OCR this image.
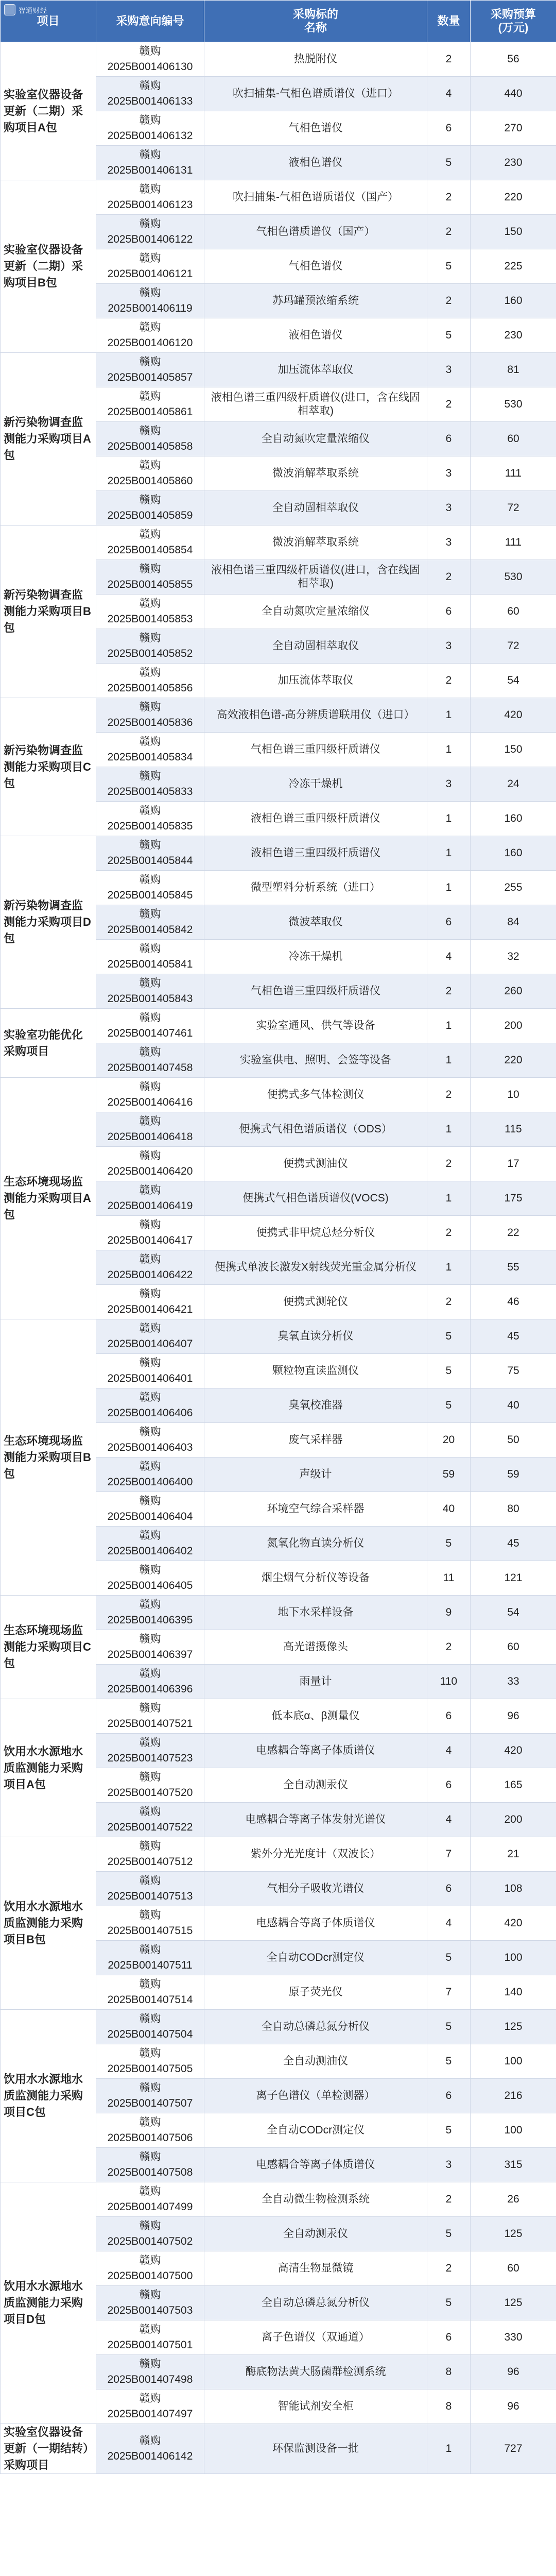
智通财经
项目	采购意向编号	采购标的
名称	数量	采购预算
(万元)
实验室仪器设备更新（二期）采购项目A包	赣购
2025B001406130	热脱附仪	2	56
	赣购
2025B001406133	吹扫捕集-气相色谱质谱仪（进口）	4	440
	赣购
2025B001406132	气相色谱仪	6	270
	赣购
2025B001406131	液相色谱仪	5	230
实验室仪器设备更新（二期）采购项目B包	赣购
2025B001406123	吹扫捕集-气相色谱质谱仪（国产）	2	220
	赣购
2025B001406122	气相色谱质谱仪（国产）	2	150
	赣购
2025B001406121	气相色谱仪	5	225
	赣购
2025B001406119	苏玛罐预浓缩系统	2	160
	赣购
2025B001406120	液相色谱仪	5	230
新污染物调查监测能力采购项目A包	赣购
2025B001405857	加压流体萃取仪	3	81
	赣购
2025B001405861	液相色谱三重四级杆质谱仪(进口，含在线固相萃取)	2	530
	赣购
2025B001405858	全自动氮吹定量浓缩仪	6	60
	赣购
2025B001405860	微波消解萃取系统	3	111
	赣购
2025B001405859	全自动固相萃取仪	3	72
新污染物调查监测能力采购项目B包	赣购
2025B001405854	微波消解萃取系统	3	111
	赣购
2025B001405855	液相色谱三重四级杆质谱仪(进口，含在线固相萃取)	2	530
	赣购
2025B001405853	全自动氮吹定量浓缩仪	6	60
	赣购
2025B001405852	全自动固相萃取仪	3	72
	赣购
2025B001405856	加压流体萃取仪	2	54
新污染物调查监测能力采购项目C包	赣购
2025B001405836	高效液相色谱-高分辨质谱联用仪（进口）	1	420
	赣购
2025B001405834	气相色谱三重四级杆质谱仪	1	150
	赣购
2025B001405833	冷冻干燥机	3	24
	赣购
2025B001405835	液相色谱三重四级杆质谱仪	1	160
新污染物调查监测能力采购项目D包	赣购
2025B001405844	液相色谱三重四级杆质谱仪	1	160
	赣购
2025B001405845	微型塑料分析系统（进口）	1	255
	赣购
2025B001405842	微波萃取仪	6	84
	赣购
2025B001405841	冷冻干燥机	4	32
	赣购
2025B001405843	气相色谱三重四级杆质谱仪	2	260
实验室功能优化采购项目	赣购
2025B001407461	实验室通风、供气等设备	1	200
	赣购
2025B001407458	实验室供电、照明、会签等设备	1	220
生态环境现场监测能力采购项目A包	赣购
2025B001406416	便携式多气体检测仪	2	10
	赣购
2025B001406418	便携式气相色谱质谱仪（ODS）	1	115
	赣购
2025B001406420	便携式测油仪	2	17
	赣购
2025B001406419	便携式气相色谱质谱仪(VOCS)	1	175
	赣购
2025B001406417	便携式非甲烷总烃分析仪	2	22
	赣购
2025B001406422	便携式单波长激发X射线荧光重金属分析仪	1	55
	赣购
2025B001406421	便携式测轮仪	2	46
生态环境现场监测能力采购项目B包	赣购
2025B001406407	臭氧直读分析仪	5	45
	赣购
2025B001406401	颗粒物直读监测仪	5	75
	赣购
2025B001406406	臭氧校准器	5	40
	赣购
2025B001406403	废气采样器	20	50
	赣购
2025B001406400	声级计	59	59
	赣购
2025B001406404	环境空气综合采样器	40	80
	赣购
2025B001406402	氮氧化物直读分析仪	5	45
	赣购
2025B001406405	烟尘烟气分析仪等设备	11	121
生态环境现场监测能力采购项目C包	赣购
2025B001406395	地下水采样设备	9	54
	赣购
2025B001406397	高光谱摄像头	2	60
	赣购
2025B001406396	雨量计	110	33
饮用水水源地水质监测能力采购项目A包	赣购
2025B001407521	低本底α、β测量仪	6	96
	赣购
2025B001407523	电感耦合等离子体质谱仪	4	420
	赣购
2025B001407520	全自动测汞仪	6	165
	赣购
2025B001407522	电感耦合等离子体发射光谱仪	4	200
饮用水水源地水质监测能力采购项目B包	赣购
2025B001407512	紫外分光光度计（双波长）	7	21
	赣购
2025B001407513	气相分子吸收光谱仪	6	108
	赣购
2025B001407515	电感耦合等离子体质谱仪	4	420
	赣购
2025B001407511	全自动CODcr测定仪	5	100
	赣购
2025B001407514	原子荧光仪	7	140
饮用水水源地水质监测能力采购项目C包	赣购
2025B001407504	全自动总磷总氮分析仪	5	125
	赣购
2025B001407505	全自动测油仪	5	100
	赣购
2025B001407507	离子色谱仪（单检测器）	6	216
	赣购
2025B001407506	全自动CODcr测定仪	5	100
	赣购
2025B001407508	电感耦合等离子体质谱仪	3	315
饮用水水源地水质监测能力采购项目D包	赣购
2025B001407499	全自动微生物检测系统	2	26
	赣购
2025B001407502	全自动测汞仪	5	125
	赣购
2025B001407500	高清生物显微镜	2	60
	赣购
2025B001407503	全自动总磷总氮分析仪	5	125
	赣购
2025B001407501	离子色谱仪（双通道）	6	330
	赣购
2025B001407498	酶底物法黄大肠菌群检测系统	8	96
	赣购
2025B001407497	智能试剂安全柜	8	96
实验室仪器设备更新（一期结转）采购项目	赣购
2025B001406142	环保监测设备一批	1	727
